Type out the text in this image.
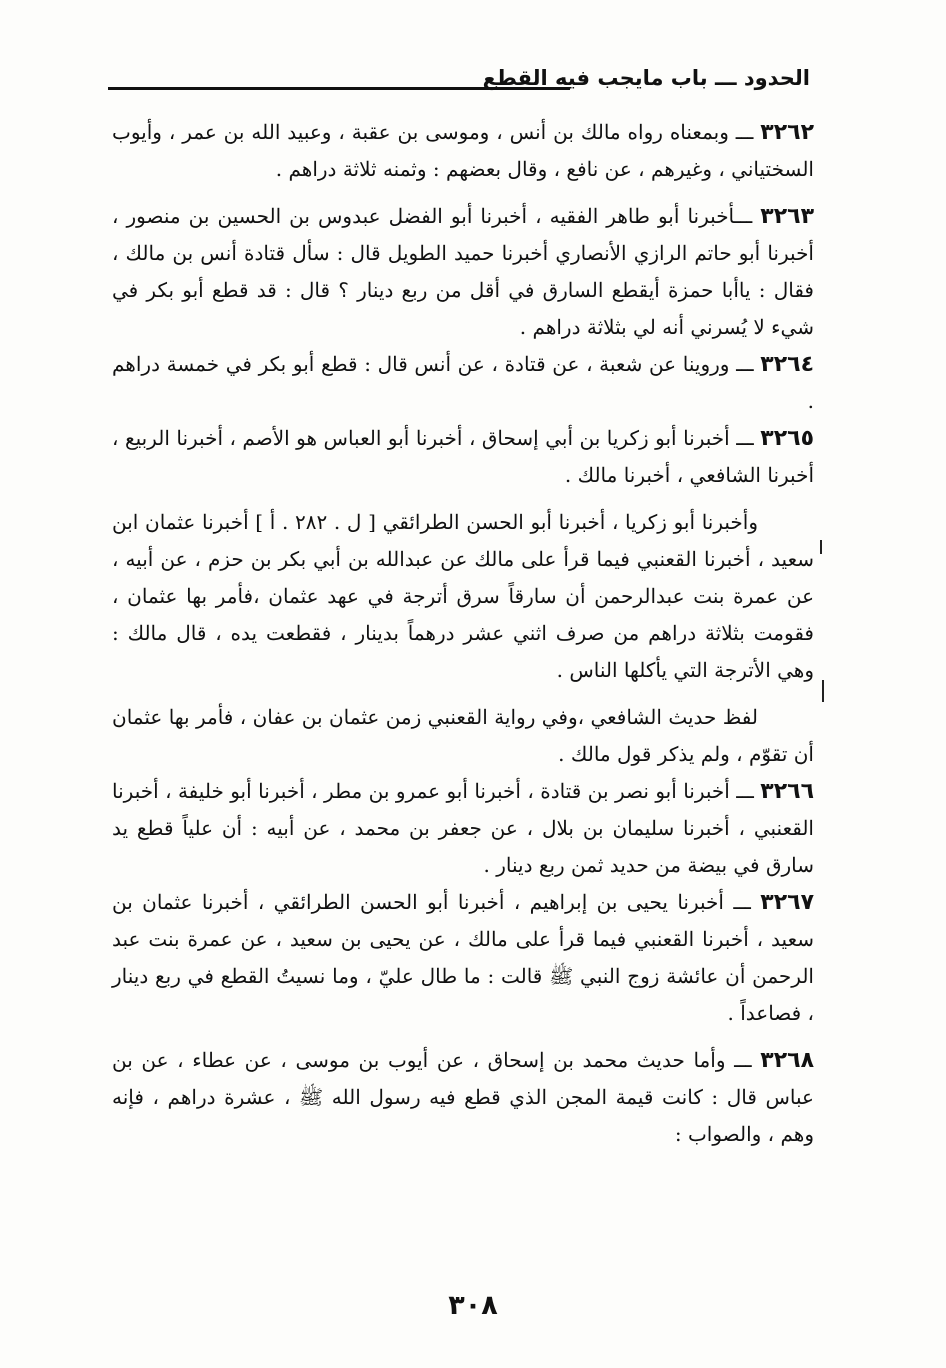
الحدود ـــ باب مايجب فيه القطع

٣٢٦٢ ـــ وبمعناه رواه مالك بن أنس ، وموسى بن عقبة ، وعبيد الله بن عمر ، وأيوب السختياني ، وغيرهم ، عن نافع ، وقال بعضهم : وثمنه ثلاثة دراهم .

٣٢٦٣ ـــأخبرنا أبو طاهر الفقيه ، أخبرنا أبو الفضل عبدوس بن الحسين بن منصور ، أخبرنا أبو حاتم الرازي الأنصاري أخبرنا حميد الطويل قال : سأل قتادة أنس بن مالك ، فقال : ياأبا حمزة أيقطع السارق في أقل من ربع دينار ؟ قال : قد قطع أبو بكر في شيء لا يُسرني أنه لي بثلاثة دراهم .

٣٢٦٤ ـــ وروينا عن شعبة ، عن قتادة ، عن أنس قال : قطع أبو بكر في خمسة دراهم .

٣٢٦٥ ـــ أخبرنا أبو زكريا بن أبي إسحاق ، أخبرنا أبو العباس هو الأصم ، أخبرنا الربيع ، أخبرنا الشافعي ، أخبرنا مالك .

وأخبرنا أبو زكريا ، أخبرنا أبو الحسن الطرائقي [ ل . ٢٨٢ . أ ] أخبرنا عثمان ابن سعيد ، أخبرنا القعنبي فيما قرأ على مالك عن عبدالله بن أبي بكر بن حزم ، عن أبيه ، عن عمرة بنت عبدالرحمن أن سارقاً سرق أترجة في عهد عثمان ،فأمر بها عثمان ، فقومت بثلاثة دراهم من صرف اثني عشر درهماً بدينار ، فقطعت يده ، قال مالك : وهي الأترجة التي يأكلها الناس .

لفظ حديث الشافعي ،وفي رواية القعنبي زمن عثمان بن عفان ، فأمر بها عثمان أن تقوّم ، ولم يذكر قول مالك .

٣٢٦٦ ـــ أخبرنا أبو نصر بن قتادة ، أخبرنا أبو عمرو بن مطر ، أخبرنا أبو خليفة ، أخبرنا القعنبي ، أخبرنا سليمان بن بلال ، عن جعفر بن محمد ، عن أبيه : أن علياً قطع يد سارق في بيضة من حديد ثمن ربع دينار .

٣٢٦٧ ـــ أخبرنا يحيى بن إبراهيم ، أخبرنا أبو الحسن الطرائقي ، أخبرنا عثمان بن سعيد ، أخبرنا القعنبي فيما قرأ على مالك ، عن يحيى بن سعيد ، عن عمرة بنت عبد الرحمن أن عائشة زوج النبي ﷺ قالت : ما طال عليّ ، وما نسيتُ القطع في ربع دينار ، فصاعداً .

٣٢٦٨ ـــ وأما حديث محمد بن إسحاق ، عن أيوب بن موسى ، عن عطاء ، عن بن عباس قال : كانت قيمة المجن الذي قطع فيه رسول الله ﷺ ، عشرة دراهم ، فإنه وهم ، والصواب :

٣٠٨
